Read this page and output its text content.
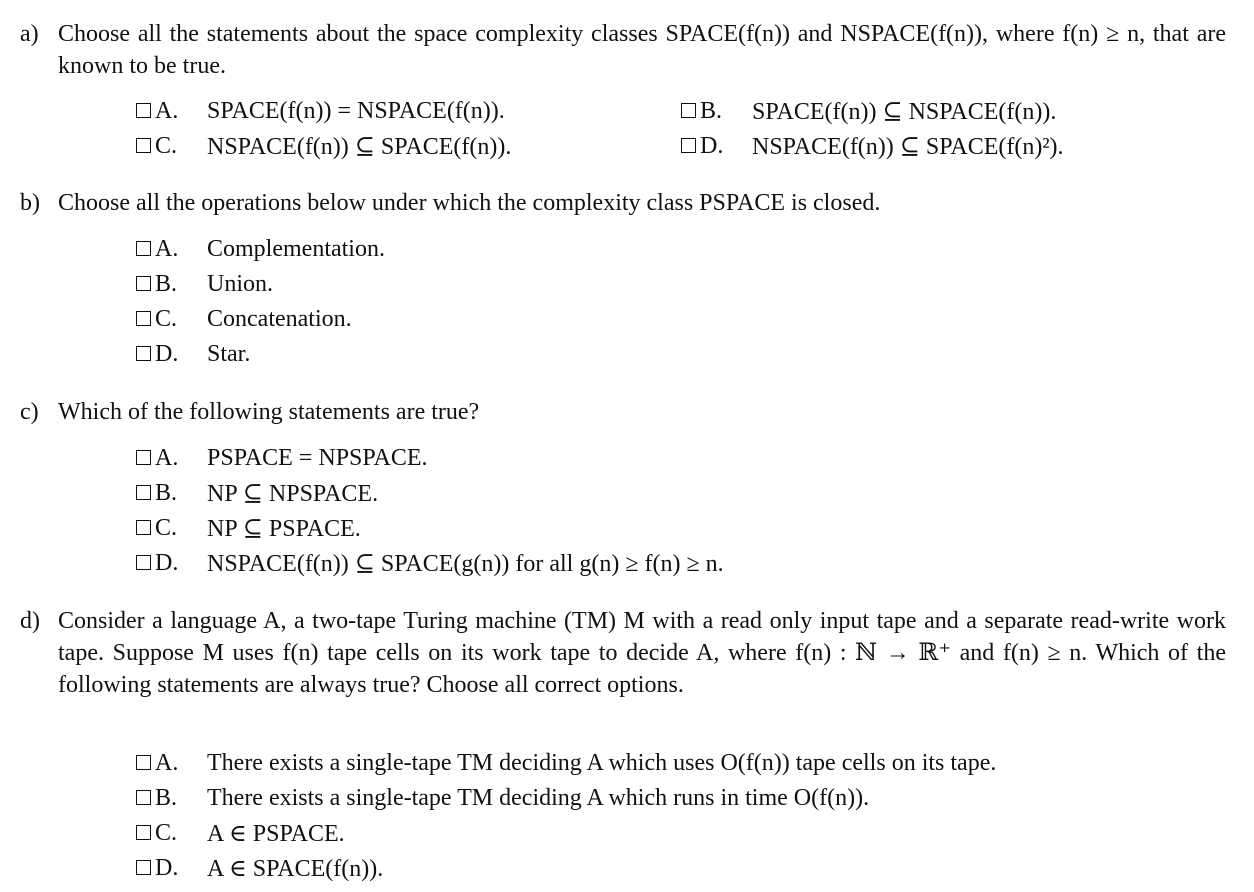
a) Choose all the statements about the space complexity classes SPACE(f(n)) and NSPACE(f(n)), where f(n) ≥ n, that are known to be true.
A.	SPACE(f(n)) = NSPACE(f(n)).	B.	SPACE(f(n)) ⊆ NSPACE(f(n)).
C.	NSPACE(f(n)) ⊆ SPACE(f(n)).	D.	NSPACE(f(n)) ⊆ SPACE(f(n)²).
b) Choose all the operations below under which the complexity class PSPACE is closed.
A.	Complementation.
B.	Union.
C.	Concatenation.
D.	Star.
c) Which of the following statements are true?
A.	PSPACE = NPSPACE.
B.	NP ⊆ NPSPACE.
C.	NP ⊆ PSPACE.
D.	NSPACE(f(n)) ⊆ SPACE(g(n)) for all g(n) ≥ f(n) ≥ n.
d) Consider a language A, a two-tape Turing machine (TM) M with a read only input tape and a separate read-write work tape. Suppose M uses f(n) tape cells on its work tape to decide A, where f(n) : ℕ → ℝ⁺ and f(n) ≥ n. Which of the following statements are always true? Choose all correct options.
A.	There exists a single-tape TM deciding A which uses O(f(n)) tape cells on its tape.
B.	There exists a single-tape TM deciding A which runs in time O(f(n)).
C.	A ∈ PSPACE.
D.	A ∈ SPACE(f(n)).
